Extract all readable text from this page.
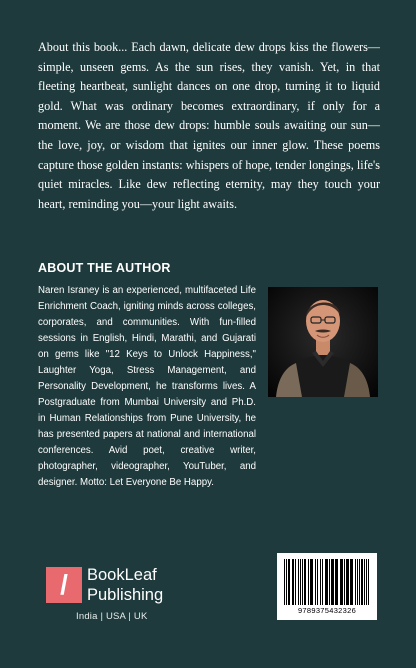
About this book... Each dawn, delicate dew drops kiss the flowers—simple, unseen gems. As the sun rises, they vanish. Yet, in that fleeting heartbeat, sunlight dances on one drop, turning it to liquid gold. What was ordinary becomes extraordinary, if only for a moment. We are those dew drops: humble souls awaiting our sun—the love, joy, or wisdom that ignites our inner glow. These poems capture those golden instants: whispers of hope, tender longings, life's quiet miracles. Like dew reflecting eternity, may they touch your heart, reminding you—your light awaits.

ABOUT THE AUTHOR

Naren Israney is an experienced, multifaceted Life Enrichment Coach, igniting minds across colleges, corporates, and communities. With fun-filled sessions in English, Hindi, Marathi, and Gujarati on gems like "12 Keys to Unlock Happiness," Laughter Yoga, Stress Management, and Personality Development, he transforms lives. A Postgraduate from Mumbai University and Ph.D. in Human Relationships from Pune University, he has presented papers at national and international conferences. Avid poet, creative writer, photographer, videographer, YouTuber, and designer. Motto: Let Everyone Be Happy.

/	BookLeaf
Publishing
India | USA | UK
9789375432326
